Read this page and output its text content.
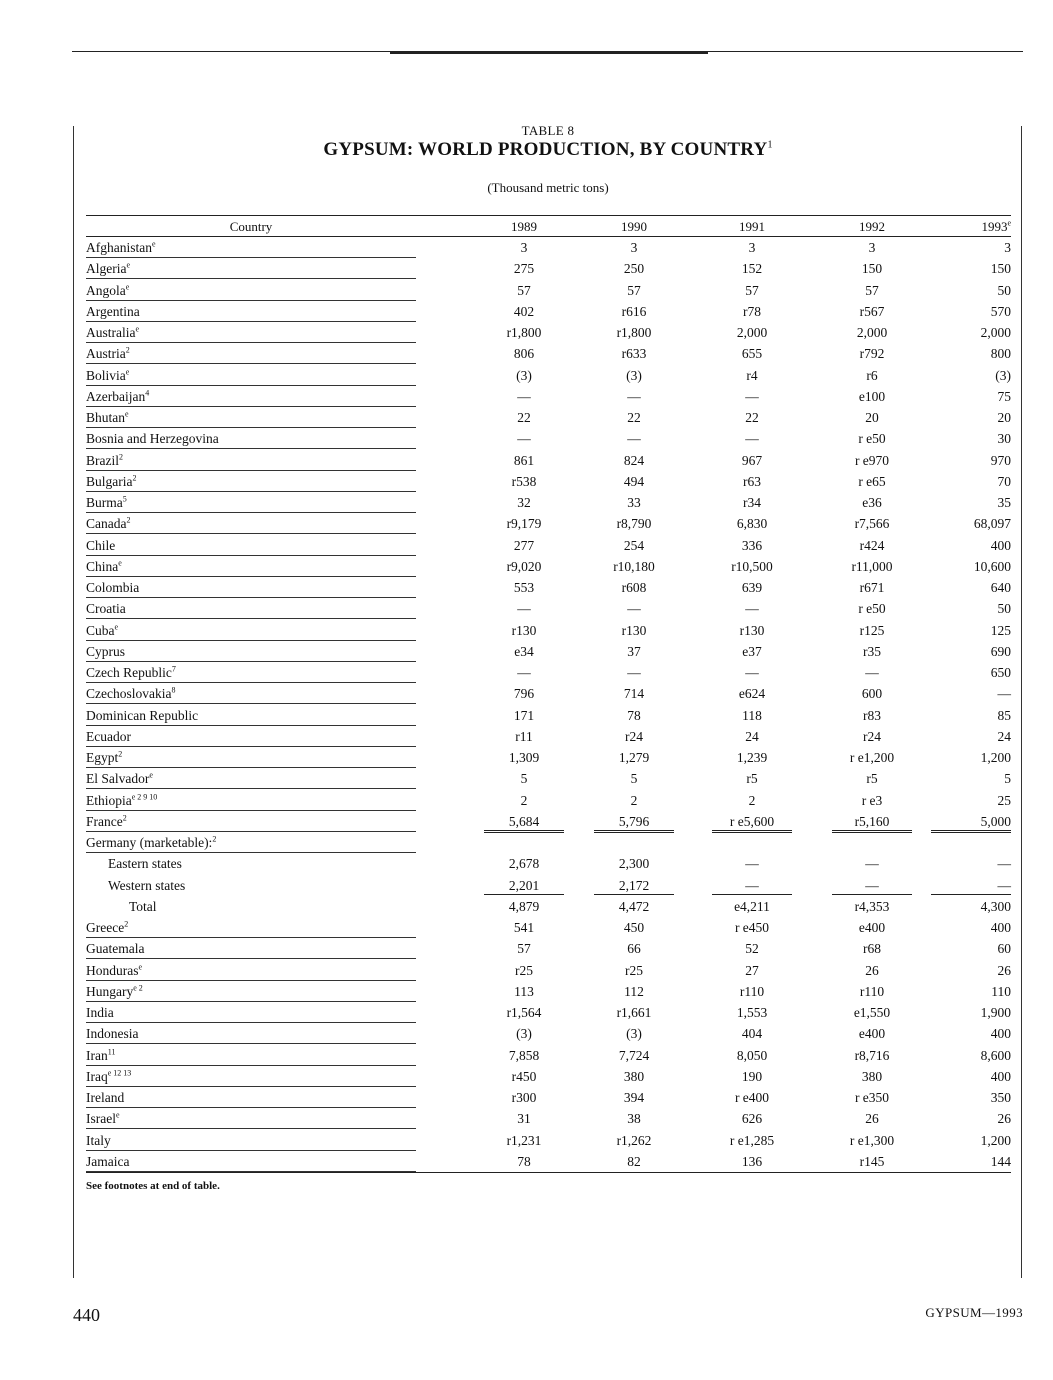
TABLE 8
GYPSUM: WORLD PRODUCTION, BY COUNTRY$^1$
(Thousand metric tons)
Country	1989	1990	1991	1992	1993e
Afghanistan$^e$	3	3	3	3	3
Algeria$^e$	275	250	152	150	150
Angola$^e$	57	57	57	57	50
Argentina	402	r616	r78	r567	570
Australia$^e$	r1,800	r1,800	2,000	2,000	2,000
Austria$^2$	806	r633	655	r792	800
Bolivia$^e$	(3)	(3)	r4	r6	(3)
Azerbaijan$^4$	—	—	—	e100	75
Bhutan$^e$	22	22	22	20	20
Bosnia and Herzegovina	—	—	—	r e50	30
Brazil$^2$	861	824	967	r e970	970
Bulgaria$^2$	r538	494	r63	r e65	70
Burma$^5$	32	33	r34	e36	35
Canada$^2$	r9,179	r8,790	6,830	r7,566	68,097
Chile	277	254	336	r424	400
China$^e$	r9,020	r10,180	r10,500	r11,000	10,600
Colombia	553	r608	639	r671	640
Croatia	—	—	—	r e50	50
Cuba$^e$	r130	r130	r130	r125	125
Cyprus	e34	37	e37	r35	690
Czech Republic$^7$	—	—	—	—	650
Czechoslovakia$^8$	796	714	e624	600	—
Dominican Republic	171	78	118	r83	85
Ecuador	r11	r24	24	r24	24
Egypt$^2$	1,309	1,279	1,239	r e1,200	1,200
El Salvador$^e$	5	5	r5	r5	5
Ethiopia$^{e 2 9 10}$	2	2	2	r e3	25
France$^2$	5,684	5,796	r e5,600	r5,160	5,000
Germany (marketable):$^2$
Eastern states	2,678	2,300	—	—	—
Western states	2,201	2,172	—	—	—
Total	4,879	4,472	e4,211	r4,353	4,300
Greece$^2$	541	450	r e450	e400	400
Guatemala	57	66	52	r68	60
Honduras$^e$	r25	r25	27	26	26
Hungary$^{e 2}$	113	112	r110	r110	110
India	r1,564	r1,661	1,553	e1,550	1,900
Indonesia	(3)	(3)	404	e400	400
Iran$^{11}$	7,858	7,724	8,050	r8,716	8,600
Iraq$^{e 12 13}$	r450	380	190	380	400
Ireland	r300	394	r e400	r e350	350
Israel$^e$	31	38	626	26	26
Italy	r1,231	r1,262	r e1,285	r e1,300	1,200
Jamaica	78	82	136	r145	144
See footnotes at end of table.
440	GYPSUM—1993
